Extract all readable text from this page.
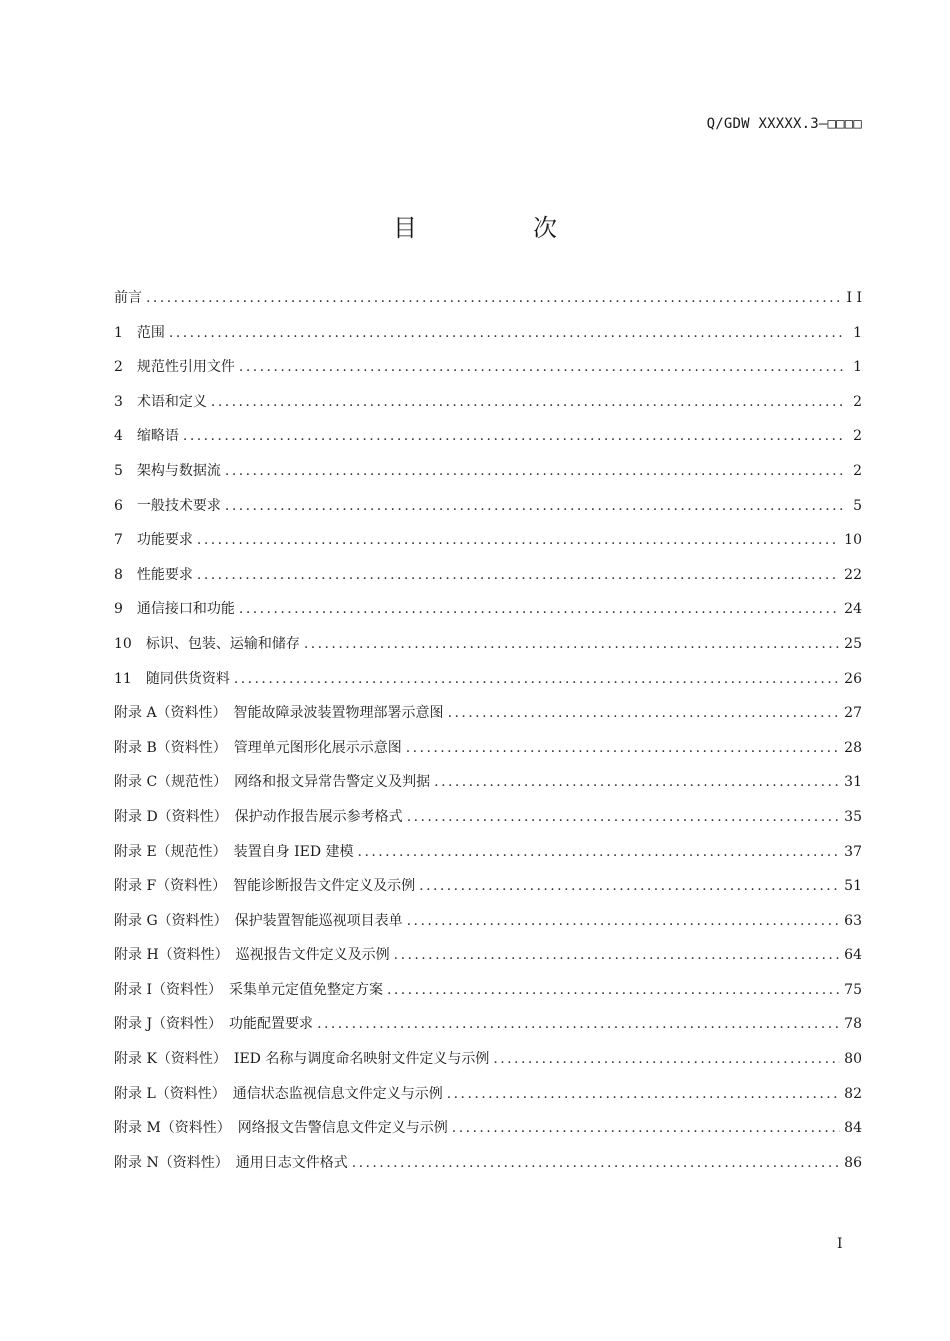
Q/GDW XXXXX.3—□□□□
目　次
前言 . . .	I I
1　范围 . . .	1
2　规范性引用文件 . . .	1
3　术语和定义 . . .	2
4　缩略语 . . .	2
5　架构与数据流 . . .	2
6　一般技术要求 . . .	5
7　功能要求 . . .	10
8　性能要求 . . .	22
9　通信接口和功能 . . .	24
10　标识、包装、运输和储存 . . .	25
11　随同供货资料 . . .	26
附录 A（资料性）　智能故障录波装置物理部署示意图 . . .	27
附录 B（资料性）　管理单元图形化展示示意图 . . .	28
附录 C（规范性）　网络和报文异常告警定义及判据 . . .	31
附录 D（资料性）　保护动作报告展示参考格式 . . .	35
附录 E（规范性）　装置自身 IED 建模 . . .	37
附录 F（资料性）　智能诊断报告文件定义及示例 . . .	51
附录 G（资料性）　保护装置智能巡视项目表单 . . .	63
附录 H（资料性）　巡视报告文件定义及示例 . . .	64
附录 I（资料性）　采集单元定值免整定方案 . . .	75
附录 J（资料性）　功能配置要求 . . .	78
附录 K（资料性）　IED 名称与调度命名映射文件定义与示例 . . .	80
附录 L（资料性）　通信状态监视信息文件定义与示例 . . .	82
附录 M（资料性）　网络报文告警信息文件定义与示例 . . .	84
附录 N（资料性）　通用日志文件格式 . . .	86
I
